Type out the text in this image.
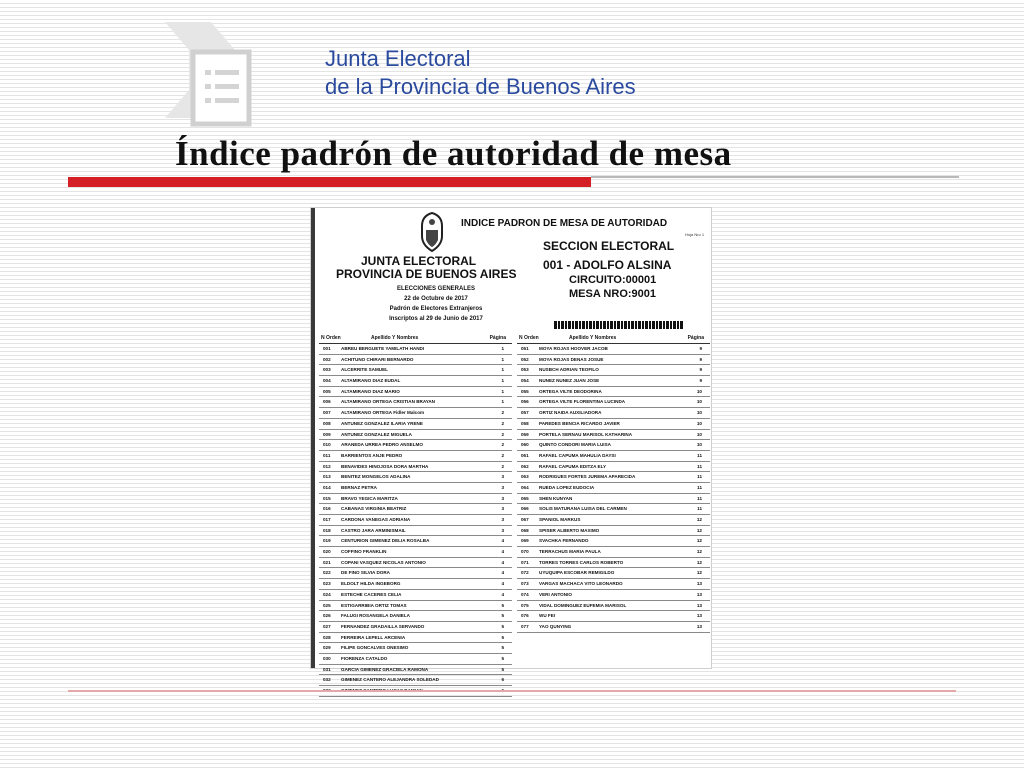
Junta Electoral
de la Provincia de Buenos Aires
Índice padrón de autoridad de mesa
INDICE PADRON DE MESA DE AUTORIDAD
Hoja Nro 1
SECCION ELECTORAL
001 - ADOLFO ALSINA
CIRCUITO:00001
MESA NRO:9001
JUNTA ELECTORAL
PROVINCIA DE BUENOS AIRES
ELECCIONES GENERALES
22 de Octubre de 2017
Padrón de Electores Extranjeros
Inscriptos al 29 de Junio de 2017
N Orden	Apellido Y Nombres	Página
001 ABREU BERGUETE YAMILATH HANDI	1
002 ACHITUNO CHIRARI BERNARDO	1
003 ALCERRITE SAMUEL	1
004 ALTAMIRANO DIAZ EUDAL	1
005 ALTAMIRANO DIAZ MARIO	1
006 ALTAMIRANO ORTEGA CRISTIAN BRAYAN	1
007 ALTAMIRANO ORTEGA Fidler Malcom	2
008 ANTUNEZ GONZALEZ ILARIA YRENE	2
009 ANTUNEZ GONZALEZ MIGUELA	2
010 ARANEDA URREA PEDRO ANSELMO	2
011 BARRIENTOS ANJE PEDRO	2
012 BENAVIDES HINOJOSA DORA MARTHA	2
013 BENITEZ MONGELOS ADALINA	3
014 BERNAZ PETRA	3
015 BRAVO YEGICA MARITZA	3
016 CABANAS VIRGINIA BEATRIZ	3
017 CARDONA VANEGAS ADRIANA	3
018 CASTRO JARA ARMINISMAIL	3
019 CENTURION GIMENEZ DELIA ROSALBA	4
020 COFFINO FRANKLIN	4
021 COPANI VASQUEZ NICOLAS ANTONIO	4
022 DE FINO SILVIA DORA	4
023 ELDOLT HILDA INGEBORG	4
024 ESTECHE CACERES CELIA	4
025 ESTIGARRIBIA ORTIZ TOMAS	5
026 FALUGI ROSANGELA DANIELA	5
027 FERNANDEZ GRADAILLA SERVANDO	5
028 FERREIRA LEPELL ARCENIA	5
029 FILIPE GONCALVES ONESIMO	5
030 FIORENZA CATALDO	5
031 GARCIA GIMENEZ GRACIELA RAMONA	5
032 GIMENEZ CANTERO ALEJANDRA SOLEDAD	6
N Orden	Apellido Y Nombres	Página
051 MOYA ROJAS HOOVER JACOB	9
052 MOYA ROJAS DENAS JOSUE	9
053 NUSBCH ADRIAN TEOFILO	9
054 NUNEZ NUNEZ JUAN JOSE	9
055 ORTEGA VILTE DEODORINA	10
056 ORTEGA VILTE FLORENTINA LUCINDA	10
057 ORTIZ NAIDA AUXILIADORA	10
058 PAREDES BENCIA RICARDO JAVIER	10
059 PORTELA SERNAU MARISOL KATHARINA	10
060 QUINTO CONDORI MARIA LUISA	10
061 RAFAEL CAPUMA MAHULIA DAYSI	11
062 RAFAEL CAPUMA EDITZA ELY	11
063 RODRIGUES FORTES JUREMA APARECIDA	11
064 RUEDA LOPEZ EUDOCIA	11
065 SHEN KUNYAN	11
066 SOLIS MATURANA LUISA DEL CARMEN	11
067 SPANIOL MARKUS	12
068 SPISER ALBERTO MAXIMO	12
069 SVACHKA FERNANDO	12
070 TERRACHUS MARIA PAULA	12
071 TORRES TORRES CARLOS ROBERTO	12
072 UYUQUIPA ESCOBAR REMIGILDO	12
073 VARGAS MACHACA VITO LEONARDO	13
074 VERI ANTONIO	13
075 VIDAL DOMINGUEZ EUFEMIA MARISOL	13
076 WU FEI	13
077 YAO QUNYING	13
